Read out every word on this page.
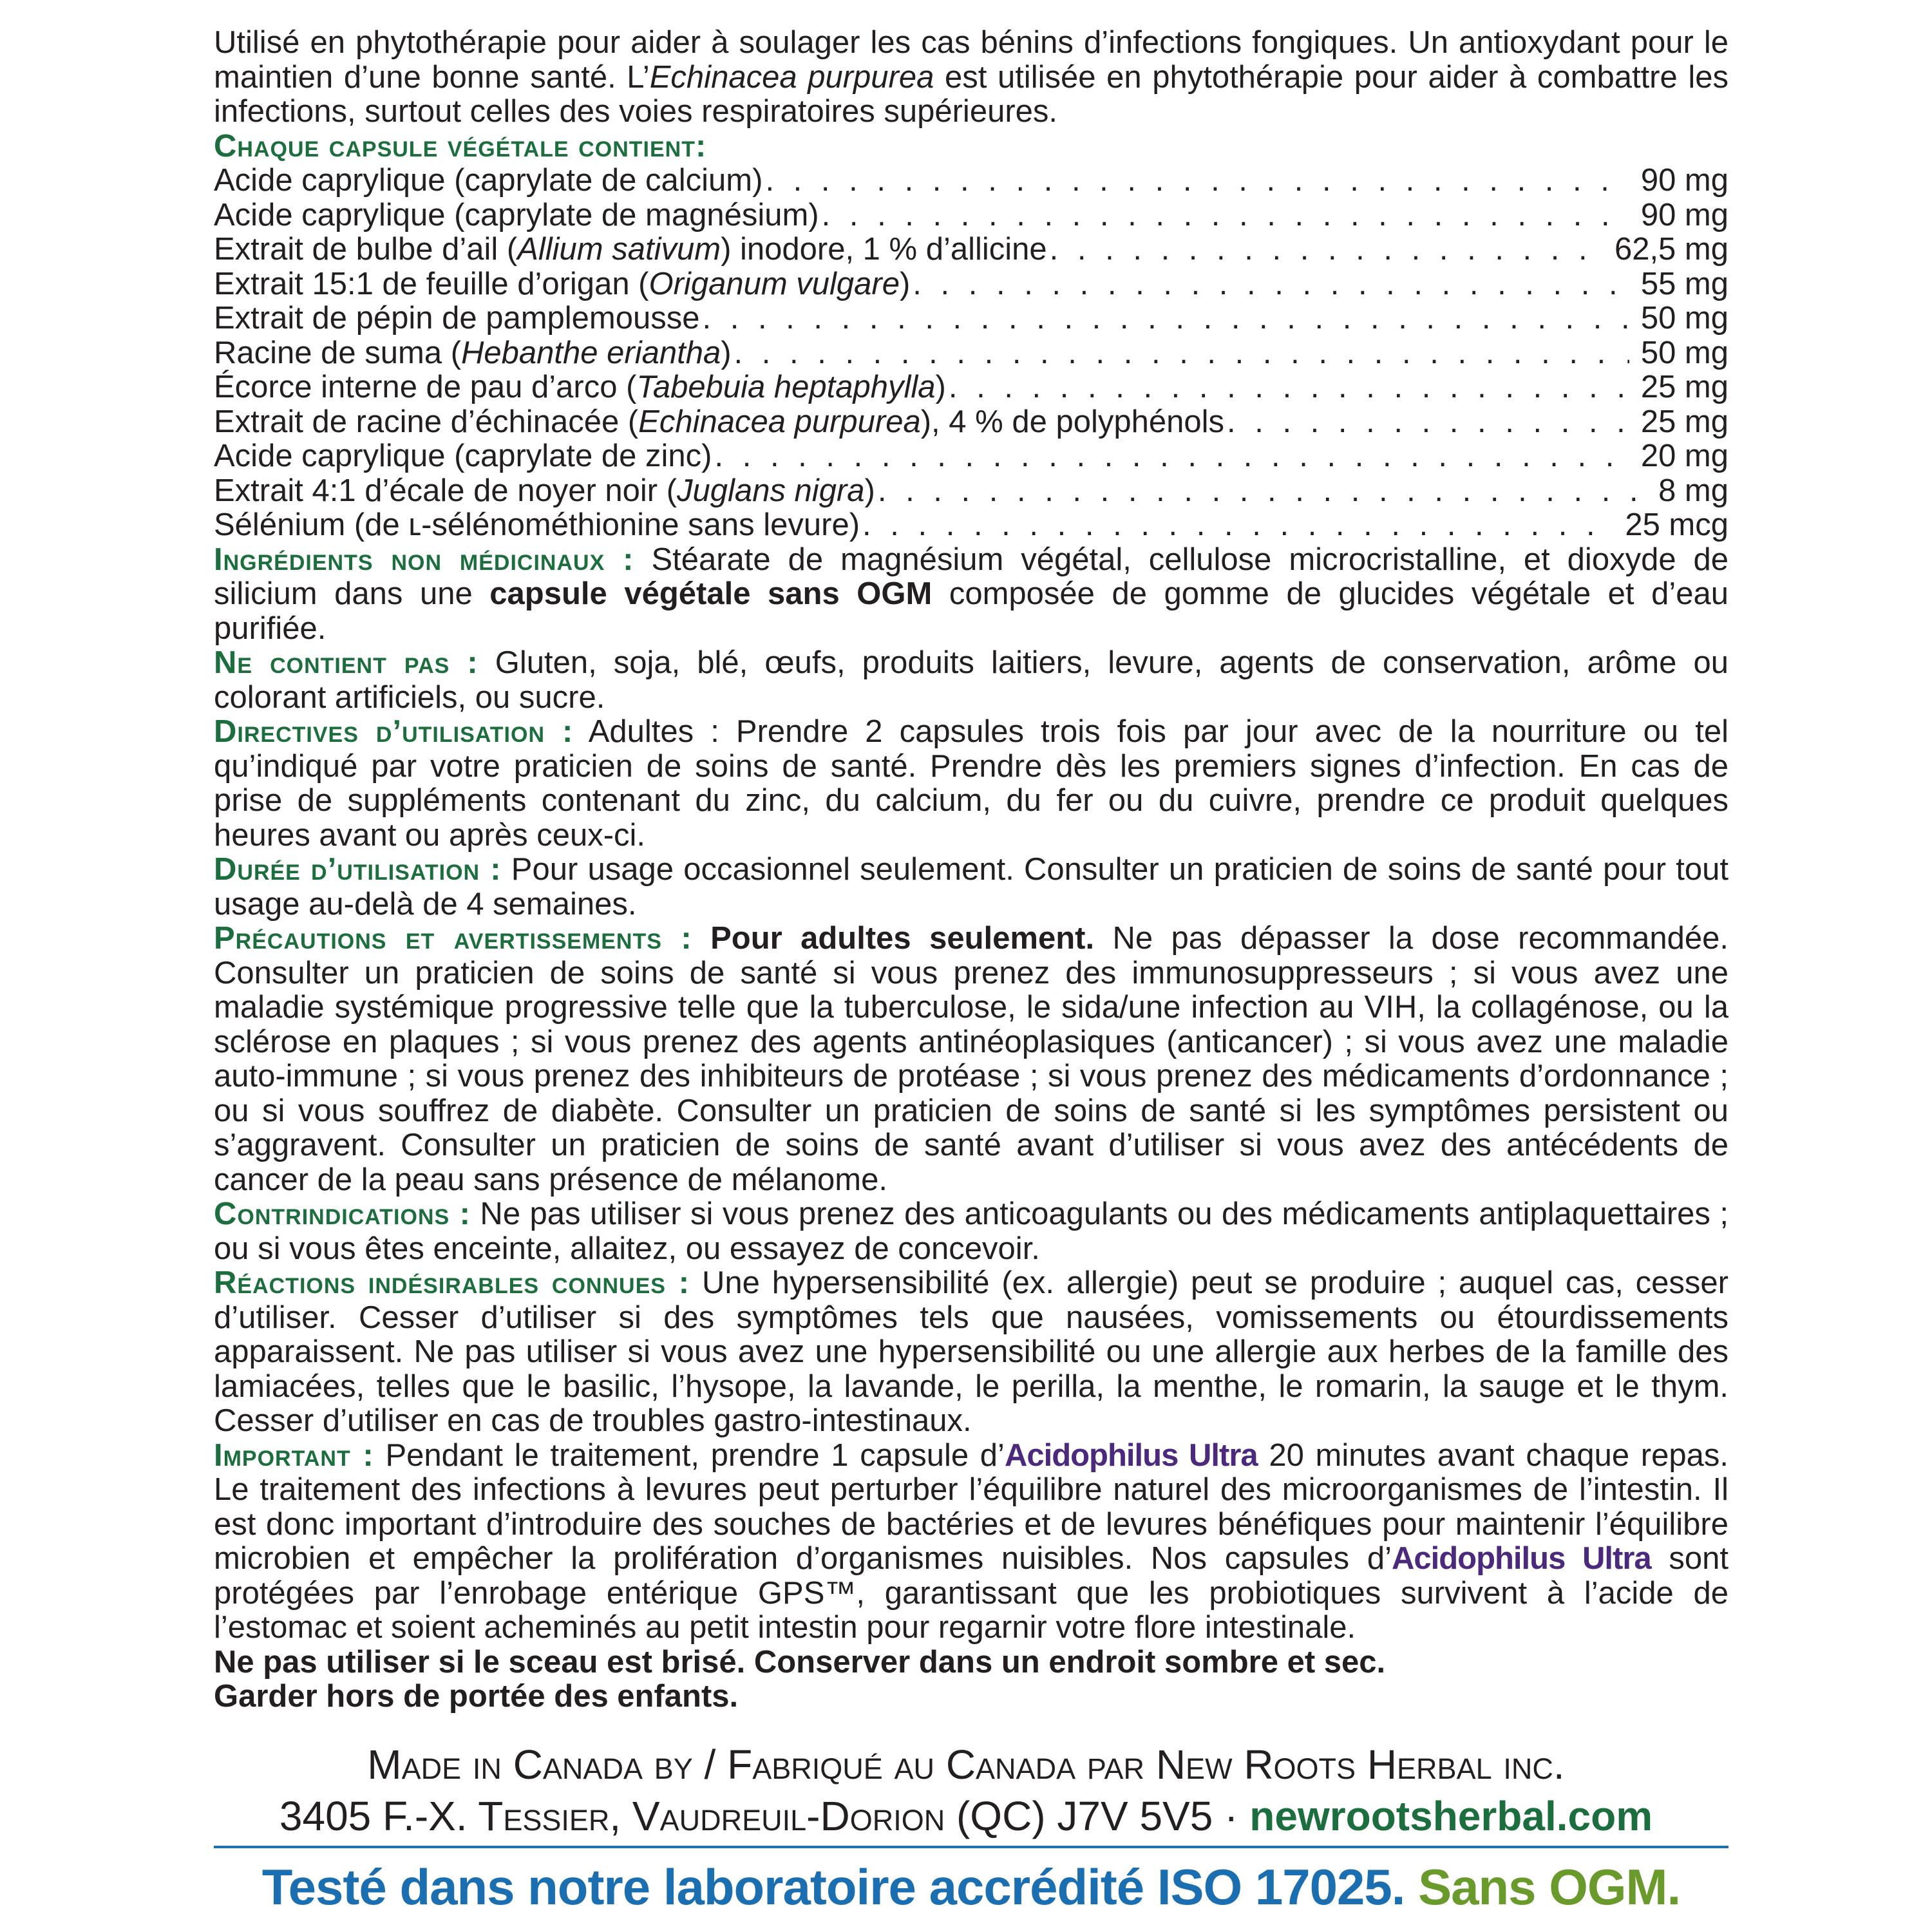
Utilisé en phytothérapie pour aider à soulager les cas bénins d’infections fongiques. Un antioxydant pour le maintien d’une bonne santé. L’Echinacea purpurea est utilisée en phytothérapie pour aider à combattre les infections, surtout celles des voies respiratoires supérieures.

Chaque capsule végétale contient:
Acide caprylique (caprylate de calcium) . . .	90 mg
Acide caprylique (caprylate de magnésium) . . .	90 mg
Extrait de bulbe d’ail (Allium sativum) inodore, 1 % d’allicine . . .	62,5 mg
Extrait 15:1 de feuille d’origan (Origanum vulgare) . . .	55 mg
Extrait de pépin de pamplemousse . . .	50 mg
Racine de suma (Hebanthe eriantha) . . .	50 mg
Écorce interne de pau d’arco (Tabebuia heptaphylla) . . .	25 mg
Extrait de racine d’échinacée (Echinacea purpurea), 4 % de polyphénols . . .	25 mg
Acide caprylique (caprylate de zinc) . . .	20 mg
Extrait 4:1 d’écale de noyer noir (Juglans nigra) . . .	8 mg
Sélénium (de ʟ-sélénométhionine sans levure) . . .	25 mcg

Ingrédients non médicinaux : Stéarate de magnésium végétal, cellulose microcristalline, et dioxyde de silicium dans une capsule végétale sans OGM composée de gomme de glucides végétale et d’eau purifiée.

Ne contient pas : Gluten, soja, blé, œufs, produits laitiers, levure, agents de conservation, arôme ou colorant artificiels, ou sucre.

Directives d’utilisation : Adultes : Prendre 2 capsules trois fois par jour avec de la nourriture ou tel qu’indiqué par votre praticien de soins de santé. Prendre dès les premiers signes d’infection. En cas de prise de suppléments contenant du zinc, du calcium, du fer ou du cuivre, prendre ce produit quelques heures avant ou après ceux-ci.

Durée d’utilisation : Pour usage occasionnel seulement. Consulter un praticien de soins de santé pour tout usage au-delà de 4 semaines.

Précautions et avertissements : Pour adultes seulement. Ne pas dépasser la dose recommandée. Consulter un praticien de soins de santé si vous prenez des immunosuppresseurs ; si vous avez une maladie systémique progressive telle que la tuberculose, le sida/une infection au VIH, la collagénose, ou la sclérose en plaques ; si vous prenez des agents antinéoplasiques (anticancer) ; si vous avez une maladie auto-immune ; si vous prenez des inhibiteurs de protéase ; si vous prenez des médicaments d’ordonnance ; ou si vous souffrez de diabète. Consulter un praticien de soins de santé si les symptômes persistent ou s’aggravent. Consulter un praticien de soins de santé avant d’utiliser si vous avez des antécédents de cancer de la peau sans présence de mélanome.

Contrindications : Ne pas utiliser si vous prenez des anticoagulants ou des médicaments antiplaquettaires ; ou si vous êtes enceinte, allaitez, ou essayez de concevoir.

Réactions indésirables connues : Une hypersensibilité (ex. allergie) peut se produire ; auquel cas, cesser d’utiliser. Cesser d’utiliser si des symptômes tels que nausées, vomissements ou étourdissements apparaissent. Ne pas utiliser si vous avez une hypersensibilité ou une allergie aux herbes de la famille des lamiacées, telles que le basilic, l’hysope, la lavande, le perilla, la menthe, le romarin, la sauge et le thym. Cesser d’utiliser en cas de troubles gastro-intestinaux.

Important : Pendant le traitement, prendre 1 capsule d’Acidophilus Ultra 20 minutes avant chaque repas. Le traitement des infections à levures peut perturber l’équilibre naturel des microorganismes de l’intestin. Il est donc important d’introduire des souches de bactéries et de levures bénéfiques pour maintenir l’équilibre microbien et empêcher la prolifération d’organismes nuisibles. Nos capsules d’Acidophilus Ultra sont protégées par l’enrobage entérique GPS™, garantissant que les probiotiques survivent à l’acide de l’estomac et soient acheminés au petit intestin pour regarnir votre flore intestinale.

Ne pas utiliser si le sceau est brisé. Conserver dans un endroit sombre et sec.
Garder hors de portée des enfants.
Made in Canada by / Fabriqué au Canada par New Roots Herbal inc.
3405 F.-X. Tessier, Vaudreuil-Dorion (QC) J7V 5V5 · newrootsherbal.com
Testé dans notre laboratoire accrédité ISO 17025. Sans OGM.
